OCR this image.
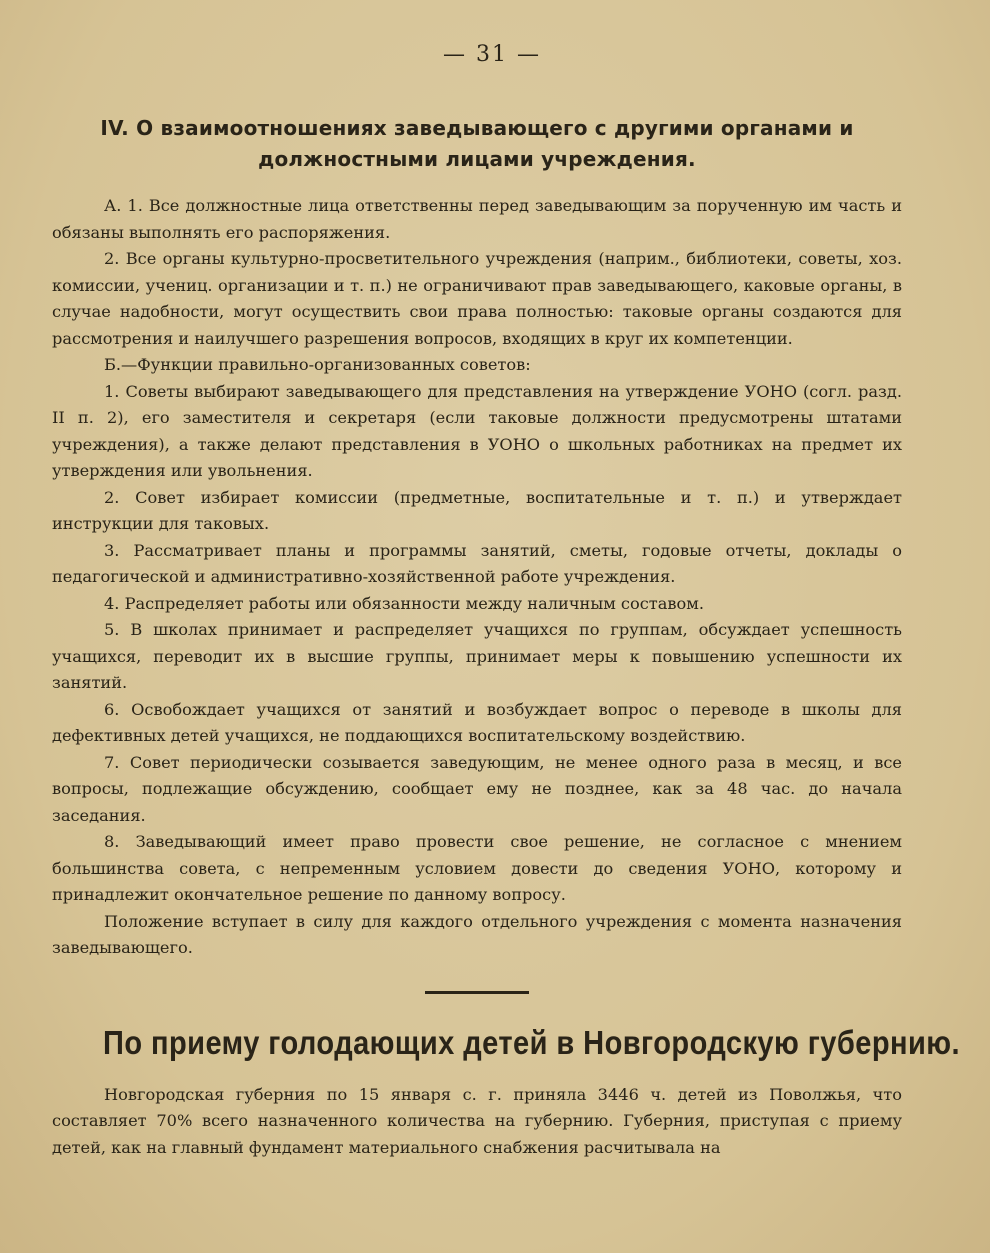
— 31 —
IV. О взаимоотношениях заведывающего с другими органами и должностными лицами учреждения.

А. 1. Все должностные лица ответственны перед заведывающим за порученную им часть и обязаны выполнять его распоряжения.

2. Все органы культурно-просветительного учреждения (наприм., библиотеки, советы, хоз. комиссии, учениц. организации и т. п.) не ограничивают прав заведывающего, каковые органы, в случае надобности, могут осуществить свои права полностью: таковые органы создаются для рассмотрения и наилучшего разрешения вопросов, входящих в круг их компетенции.

Б.—Функции правильно-организованных советов:

1. Советы выбирают заведывающего для представления на утверждение УОНО (согл. разд. II п. 2), его заместителя и секретаря (если таковые должности предусмотрены штатами учреждения), а также делают представления в УОНО о школьных работниках на предмет их утверждения или увольнения.

2. Совет избирает комиссии (предметные, воспитательные и т. п.) и утверждает инструкции для таковых.

3. Рассматривает планы и программы занятий, сметы, годовые отчеты, доклады о педагогической и административно-хозяйственной работе учреждения.

4. Распределяет работы или обязанности между наличным составом.

5. В школах принимает и распределяет учащихся по группам, обсуждает успешность учащихся, переводит их в высшие группы, принимает меры к повышению успешности их занятий.

6. Освобождает учащихся от занятий и возбуждает вопрос о переводе в школы для дефективных детей учащихся, не поддающихся воспитательскому воздействию.

7. Совет периодически созывается заведующим, не менее одного раза в месяц, и все вопросы, подлежащие обсуждению, сообщает ему не позднее, как за 48 час. до начала заседания.

8. Заведывающий имеет право провести свое решение, не согласное с мнением большинства совета, с непременным условием довести до сведения УОНО, которому и принадлежит окончательное решение по данному вопросу.

Положение вступает в силу для каждого отдельного учреждения с момента назначения заведывающего.

По приему голодающих детей в Новгородскую губернию.

Новгородская губерния по 15 января с. г. приняла 3446 ч. детей из Поволжья, что составляет 70% всего назначенного количества на губернию. Губерния, приступая с приему детей, как на главный фундамент материального снабжения расчитывала на
